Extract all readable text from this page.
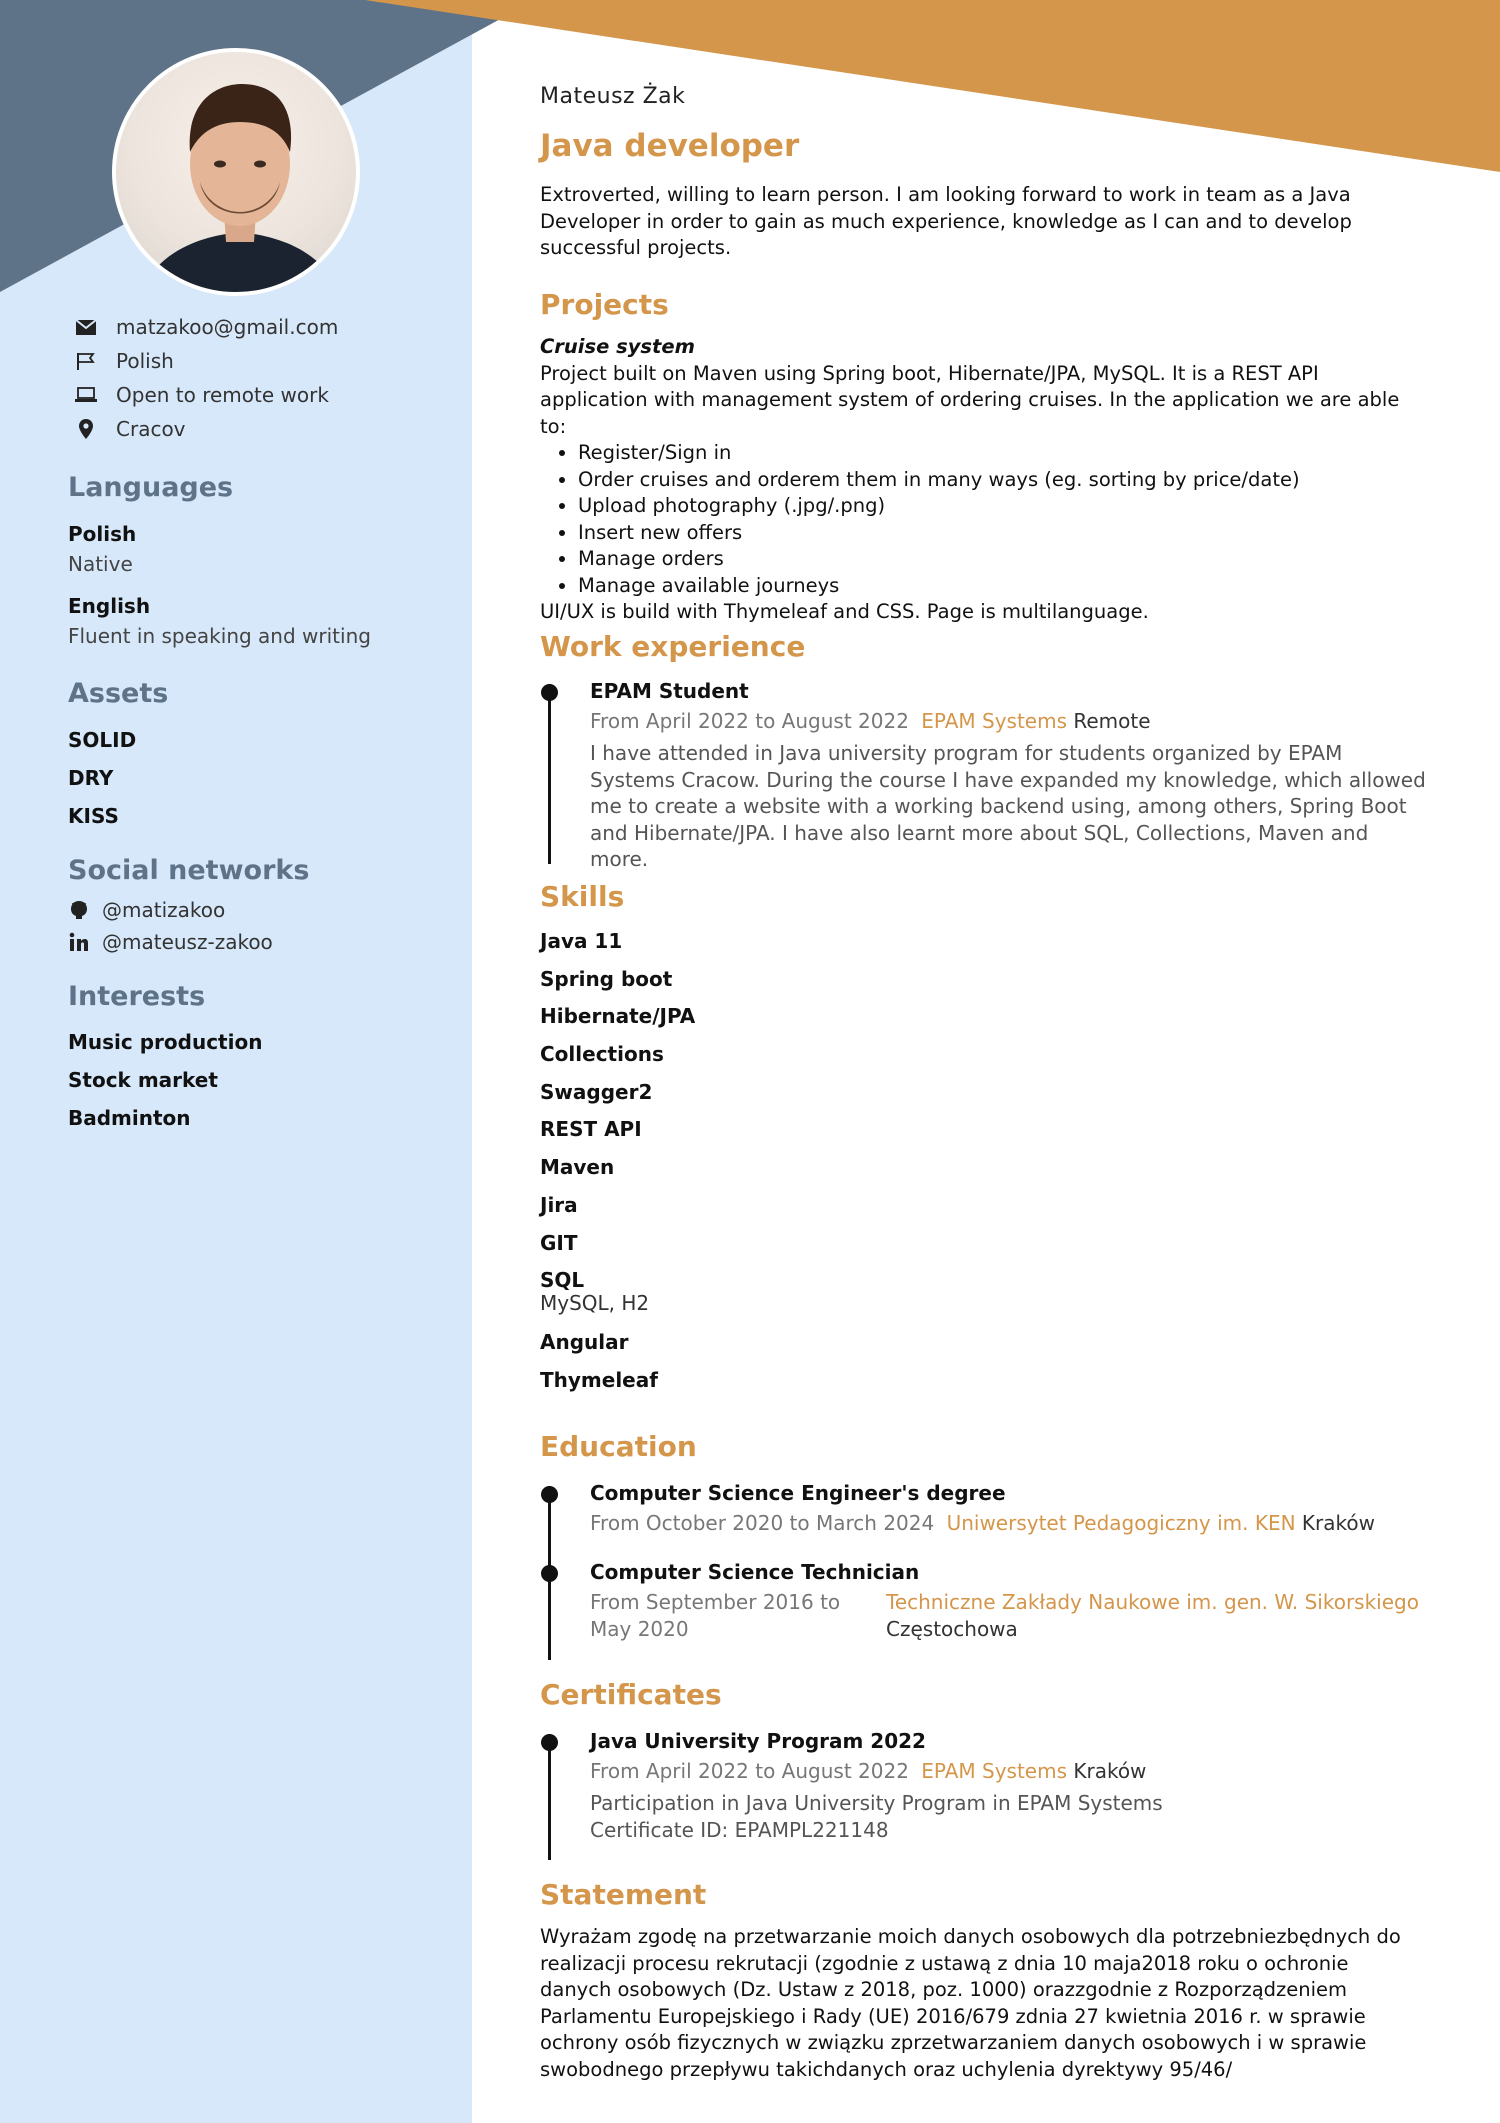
matzakoo@gmail.com
Polish
Open to remote work
Cracov
Languages
Polish
Native
English
Fluent in speaking and writing
Assets
SOLID
DRY
KISS
Social networks
@matizakoo
@mateusz-zakoo
Interests
Music production
Stock market
Badminton
Mateusz Żak
Java developer

Extroverted, willing to learn person. I am looking forward to work in team as a Java Developer in order to gain as much experience, knowledge as I can and to develop successful projects.

Projects
Cruise system
Project built on Maven using Spring boot, Hibernate/JPA, MySQL. It is a REST API application with management system of ordering cruises. In the application we are able to:
• Register/Sign in
• Order cruises and orderem them in many ways (eg. sorting by price/date)
• Upload photography (.jpg/.png)
• Insert new offers
• Manage orders
• Manage available journeys
UI/UX is build with Thymeleaf and CSS. Page is multilanguage.
Work experience
EPAM Student
From April 2022 to August 2022 EPAM Systems Remote
I have attended in Java university program for students organized by EPAM Systems Cracow. During the course I have expanded my knowledge, which allowed me to create a website with a working backend using, among others, Spring Boot and Hibernate/JPA. I have also learnt more about SQL, Collections, Maven and more.
Skills
Java 11
Spring boot
Hibernate/JPA
Collections
Swagger2
REST API
Maven
Jira
GIT
SQL
MySQL, H2
Angular
Thymeleaf
Education
Computer Science Engineer's degree
From October 2020 to March 2024 Uniwersytet Pedagogiczny im. KEN Kraków
Computer Science Technician
From September 2016 to May 2020
Techniczne Zakłady Naukowe im. gen. W. Sikorskiego
Częstochowa
Certificates
Java University Program 2022
From April 2022 to August 2022 EPAM Systems Kraków
Participation in Java University Program in EPAM Systems
Certificate ID: EPAMPL221148
Statement

Wyrażam zgodę na przetwarzanie moich danych osobowych dla potrzebniezbędnych do realizacji procesu rekrutacji (zgodnie z ustawą z dnia 10 maja2018 roku o ochronie danych osobowych (Dz. Ustaw z 2018, poz. 1000) orazzgodnie z Rozporządzeniem Parlamentu Europejskiego i Rady (UE) 2016/679 zdnia 27 kwietnia 2016 r. w sprawie ochrony osób fizycznych w związku zprzetwarzaniem danych osobowych i w sprawie swobodnego przepływu takichdanych oraz uchylenia dyrektywy 95/46/
